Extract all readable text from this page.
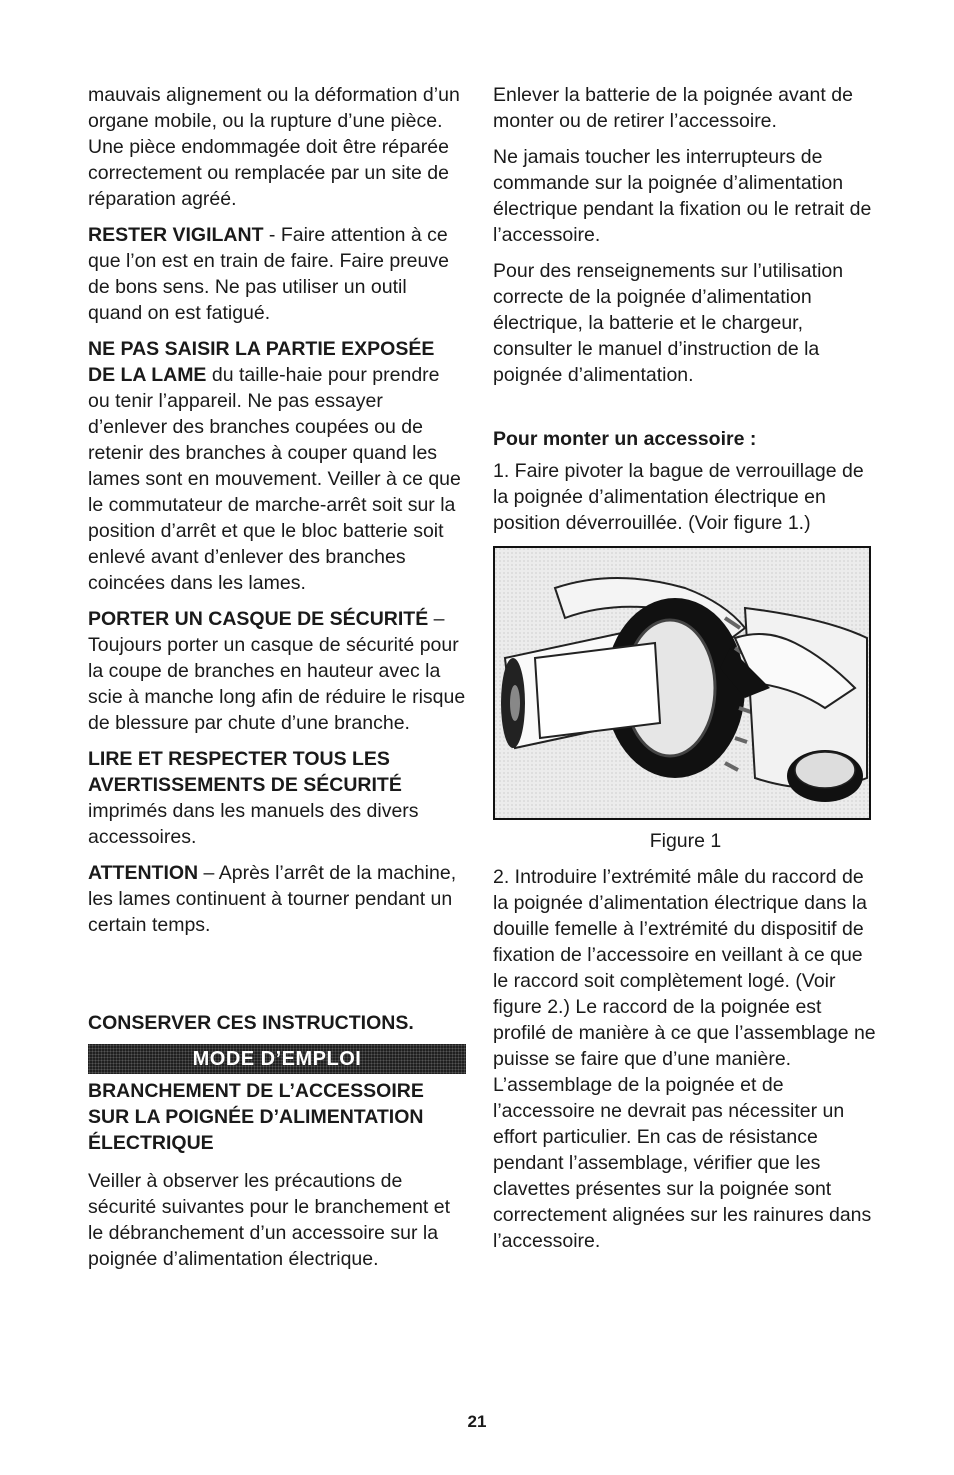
mauvais alignement ou la déformation d’un organe mobile, ou la rupture d’une pièce. Une pièce endommagée doit être réparée correctement ou remplacée par un site de réparation agréé.

RESTER VIGILANT - Faire attention à ce que l’on est en train de faire. Faire preuve de bons sens. Ne pas utiliser un outil quand on est fatigué.

NE PAS SAISIR LA PARTIE EXPOSÉE DE LA LAME du taille-haie pour prendre ou tenir l’appareil. Ne pas essayer d’enlever des branches coupées ou de retenir des branches à couper quand les lames sont en mouvement. Veiller à ce que le commutateur de marche-arrêt soit sur la position d’arrêt et que le bloc batterie soit enlevé avant d’enlever des branches coincées dans les lames.

PORTER UN CASQUE DE SÉCURITÉ – Toujours porter un casque de sécurité pour la coupe de branches en hauteur avec la scie à manche long afin de réduire le risque de blessure par chute d’une branche.

LIRE ET RESPECTER TOUS LES AVERTISSEMENTS DE SÉCURITÉ imprimés dans les manuels des divers accessoires.

ATTENTION – Après l’arrêt de la machine, les lames continuent à tourner pendant un certain temps.

CONSERVER CES INSTRUCTIONS.
MODE D’EMPLOI
BRANCHEMENT DE L’ACCESSOIRE SUR LA POIGNÉE D’ALIMENTATION ÉLECTRIQUE

Veiller à observer les précautions de sécurité suivantes pour le branchement et le débranchement d’un accessoire sur la poignée d’alimentation électrique.

Enlever la batterie de la poignée avant de monter ou de retirer l’accessoire.

Ne jamais toucher les interrupteurs de commande sur la poignée d’alimentation électrique pendant la fixation ou le retrait de l’accessoire.

Pour des renseignements sur l’utilisation correcte de la poignée d’alimentation électrique, la batterie et le chargeur, consulter le manuel d’instruction de la poignée d’alimentation.

Pour monter un accessoire :

1. Faire pivoter la bague de verrouillage de la poignée d’alimentation électrique en position déverrouillée. (Voir figure 1.)

Figure 1

2. Introduire l’extrémité mâle du raccord de la poignée d’alimentation électrique dans la douille femelle à l’extrémité du dispositif de fixation de l’accessoire en veillant à ce que le raccord soit complètement logé. (Voir figure 2.) Le raccord de la poignée est profilé de manière à ce que l’assemblage ne puisse se faire que d’une manière. L’assemblage de la poignée et de l’accessoire ne devrait pas nécessiter un effort particulier. En cas de résistance pendant l’assemblage, vérifier que les clavettes présentes sur la poignée sont correctement alignées sur les rainures dans l’accessoire.

21
